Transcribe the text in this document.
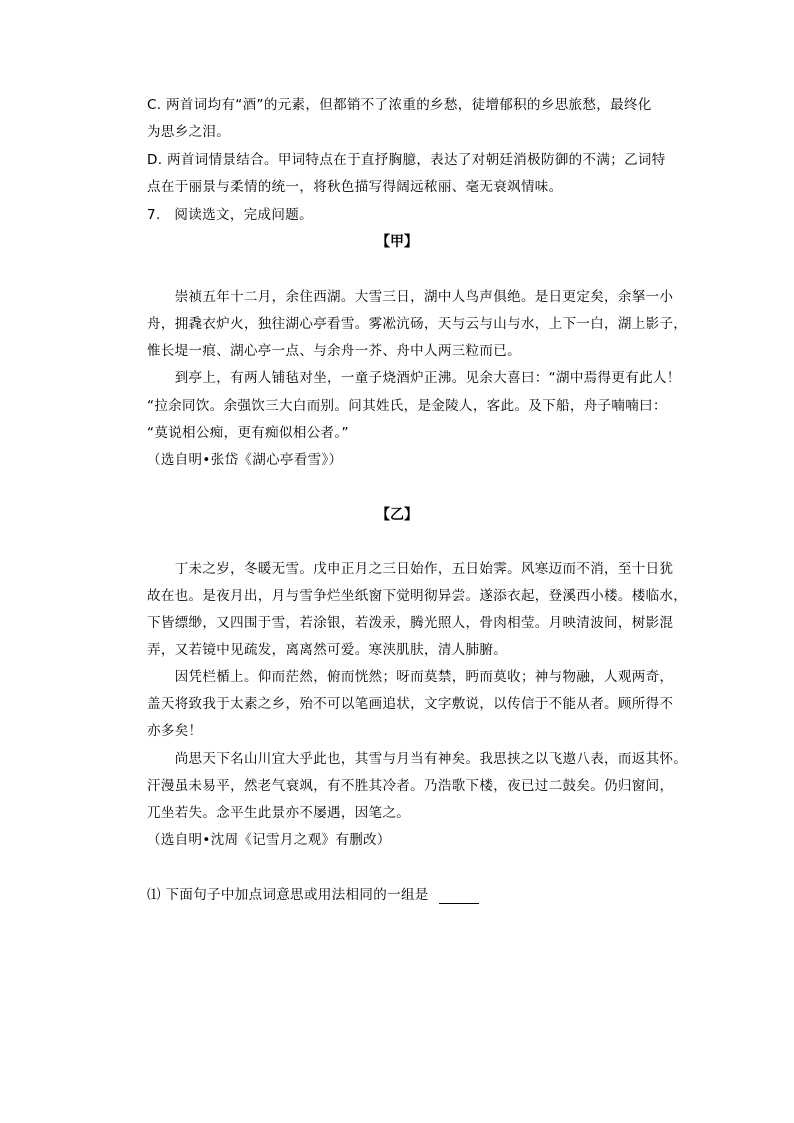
C. 两首词均有“酒”的元素，但都销不了浓重的乡愁，徒增郁积的乡思旅愁，最终化
为思乡之泪。
D. 两首词情景结合。甲词特点在于直抒胸臆，表达了对朝廷消极防御的不满；乙词特
点在于丽景与柔情的统一，将秋色描写得阔远秾丽、毫无衰飒情味。
7.　阅读选文，完成问题。
【甲】
　　崇祯五年十二月，余住西湖。大雪三日，湖中人鸟声俱绝。是日更定矣，余拏一小
舟，拥毳衣炉火，独往湖心亭看雪。雾凇沆砀，天与云与山与水，上下一白，湖上影子，
惟长堤一痕、湖心亭一点、与余舟一芥、舟中人两三粒而已。
　　到亭上，有两人铺毡对坐，一童子烧酒炉正沸。见余大喜曰：“湖中焉得更有此人！
“拉余同饮。余强饮三大白而别。问其姓氏，是金陵人，客此。及下船，舟子喃喃曰：
“莫说相公痴，更有痴似相公者。”
（选自明•张岱《湖心亭看雪》）
【乙】
　　丁未之岁，冬暖无雪。戊申正月之三日始作，五日始霁。风寒迈而不消，至十日犹
故在也。是夜月出，月与雪争烂坐纸窗下觉明彻异尝。遂添衣起，登溪西小楼。楼临水，
下皆缥缈，又四围于雪，若涂银，若泼汞，腾光照人，骨肉相莹。月映清波间，树影混
弄，又若镜中见疏发，离离然可爱。寒浃肌肤，清人肺腑。
　　因凭栏楯上。仰而茫然，俯而恍然；呀而莫禁，眄而莫收；神与物融，人观两奇，
盖天将致我于太素之乡，殆不可以笔画追状，文字敷说，以传信于不能从者。顾所得不
亦多矣！
　　尚思天下名山川宜大乎此也，其雪与月当有神矣。我思挟之以飞遨八表，而返其怀。
汗漫虽未易平，然老气衰飒，有不胜其冷者。乃浩歌下楼，夜已过二鼓矣。仍归窗间，
兀坐若失。念平生此景亦不屡遇，因笔之。
（选自明•沈周《记雪月之观》有删改）
⑴ 下面句子中加点词意思或用法相同的一组是
